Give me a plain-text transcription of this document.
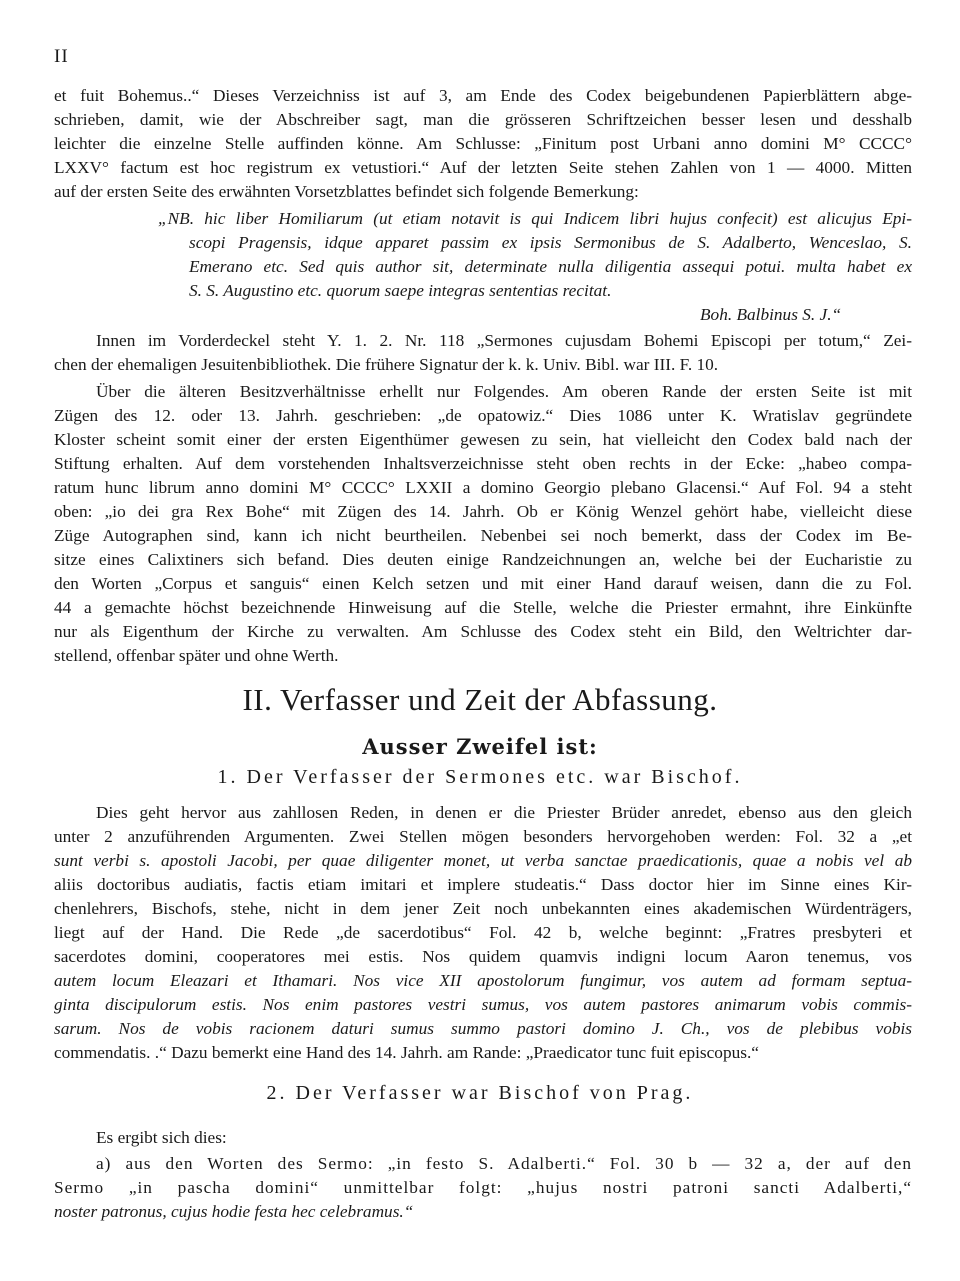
II
et fuit Bohemus..“ Dieses Verzeichniss ist auf 3, am Ende des Codex beigebundenen Papierblättern abge-
schrieben, damit, wie der Abschreiber sagt, man die grösseren Schriftzeichen besser lesen und desshalb
leichter die einzelne Stelle auffinden könne. Am Schlusse: „Finitum post Urbani anno domini M° CCCC°
LXXV° factum est hoc registrum ex vetustiori.“ Auf der letzten Seite stehen Zahlen von 1 — 4000. Mitten
auf der ersten Seite des erwähnten Vorsetzblattes befindet sich folgende Bemerkung:
„NB. hic liber Homiliarum (ut etiam notavit is qui Indicem libri hujus confecit) est alicujus Epi-
scopi Pragensis, idque apparet passim ex ipsis Sermonibus de S. Adalberto, Wenceslao, S.
Emerano etc. Sed quis author sit, determinate nulla diligentia assequi potui. multa habet ex
S. S. Augustino etc. quorum saepe integras sententias recitat.
Boh. Balbinus S. J.“
Innen im Vorderdeckel steht Y. 1. 2. Nr. 118 „Sermones cujusdam Bohemi Episcopi per totum,“ Zei-
chen der ehemaligen Jesuitenbibliothek. Die frühere Signatur der k. k. Univ. Bibl. war III. F. 10.
Über die älteren Besitzverhältnisse erhellt nur Folgendes. Am oberen Rande der ersten Seite ist mit
Zügen des 12. oder 13. Jahrh. geschrieben: „de opatowiz.“ Dies 1086 unter K. Wratislav gegründete
Kloster scheint somit einer der ersten Eigenthümer gewesen zu sein, hat vielleicht den Codex bald nach der
Stiftung erhalten. Auf dem vorstehenden Inhaltsverzeichnisse steht oben rechts in der Ecke: „habeo compa-
ratum hunc librum anno domini M° CCCC° LXXII a domino Georgio plebano Glacensi.“ Auf Fol. 94 a steht
oben: „io dei gra Rex Bohe“ mit Zügen des 14. Jahrh. Ob er König Wenzel gehört habe, vielleicht diese
Züge Autographen sind, kann ich nicht beurtheilen. Nebenbei sei noch bemerkt, dass der Codex im Be-
sitze eines Calixtiners sich befand. Dies deuten einige Randzeichnungen an, welche bei der Eucharistie zu
den Worten „Corpus et sanguis“ einen Kelch setzen und mit einer Hand darauf weisen, dann die zu Fol.
44 a gemachte höchst bezeichnende Hinweisung auf die Stelle, welche die Priester ermahnt, ihre Einkünfte
nur als Eigenthum der Kirche zu verwalten. Am Schlusse des Codex steht ein Bild, den Weltrichter dar-
stellend, offenbar später und ohne Werth.
II. Verfasser und Zeit der Abfassung.
Ausser Zweifel ist:
1. Der Verfasser der Sermones etc. war Bischof.
Dies geht hervor aus zahllosen Reden, in denen er die Priester Brüder anredet, ebenso aus den gleich
unter 2 anzuführenden Argumenten. Zwei Stellen mögen besonders hervorgehoben werden: Fol. 32 a „et
sunt verbi s. apostoli Jacobi, per quae diligenter monet, ut verba sanctae praedicationis, quae a nobis vel ab
aliis doctoribus audiatis, factis etiam imitari et implere studeatis.“ Dass doctor hier im Sinne eines Kir-
chenlehrers, Bischofs, stehe, nicht in dem jener Zeit noch unbekannten eines akademischen Würdenträgers,
liegt auf der Hand. Die Rede „de sacerdotibus“ Fol. 42 b, welche beginnt: „Fratres presbyteri et
sacerdotes domini, cooperatores mei estis. Nos quidem quamvis indigni locum Aaron tenemus, vos
autem locum Eleazari et Ithamari. Nos vice XII apostolorum fungimur, vos autem ad formam septua-
ginta discipulorum estis. Nos enim pastores vestri sumus, vos autem pastores animarum vobis commis-
sarum. Nos de vobis racionem daturi sumus summo pastori domino J. Ch., vos de plebibus vobis
commendatis. .“ Dazu bemerkt eine Hand des 14. Jahrh. am Rande: „Praedicator tunc fuit episcopus.“
2. Der Verfasser war Bischof von Prag.
Es ergibt sich dies:
a) aus den Worten des Sermo: „in festo S. Adalberti.“ Fol. 30 b — 32 a, der auf den
Sermo „in pascha domini“ unmittelbar folgt: „hujus nostri patroni sancti Adalberti,“
noster patronus, cujus hodie festa hec celebramus.“
